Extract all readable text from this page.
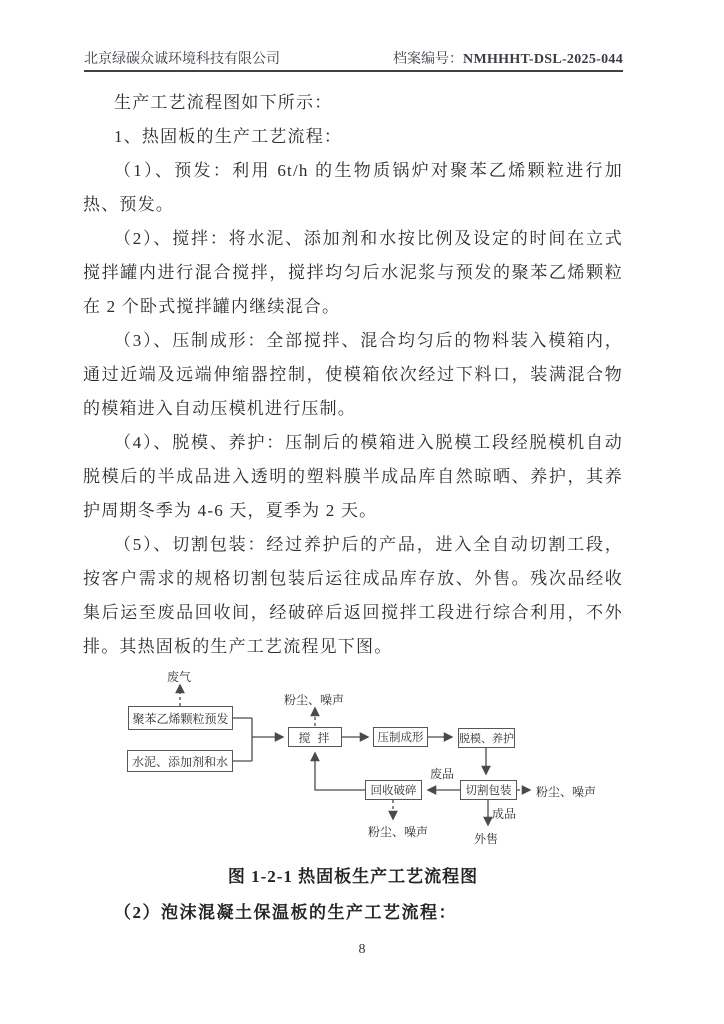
北京绿碳众诚环境科技有限公司	档案编号：NMHHHT-DSL-2025-044

生产工艺流程图如下所示：

1、热固板的生产工艺流程：

（1）、预发：利用 6t/h 的生物质锅炉对聚苯乙烯颗粒进行加热、预发。

（2）、搅拌：将水泥、添加剂和水按比例及设定的时间在立式搅拌罐内进行混合搅拌，搅拌均匀后水泥浆与预发的聚苯乙烯颗粒在 2 个卧式搅拌罐内继续混合。

（3）、压制成形：全部搅拌、混合均匀后的物料装入模箱内，通过近端及远端伸缩器控制，使模箱依次经过下料口，装满混合物的模箱进入自动压模机进行压制。

（4）、脱模、养护：压制后的模箱进入脱模工段经脱模机自动脱模后的半成品进入透明的塑料膜半成品库自然晾晒、养护，其养护周期冬季为 4-6 天，夏季为 2 天。

（5）、切割包装：经过养护后的产品，进入全自动切割工段，按客户需求的规格切割包装后运往成品库存放、外售。残次品经收集后运至废品回收间，经破碎后返回搅拌工段进行综合利用，不外排。其热固板的生产工艺流程见下图。

聚苯乙烯颗粒预发
水泥、添加剂和水
搅 拌	压制成形	脱模、养护
回收破碎	切割包装
废气
粉尘、噪声
废品
粉尘、噪声
成品
外售
粉尘、噪声
图 1-2-1 热固板生产工艺流程图
（2）泡沫混凝土保温板的生产工艺流程：
8
